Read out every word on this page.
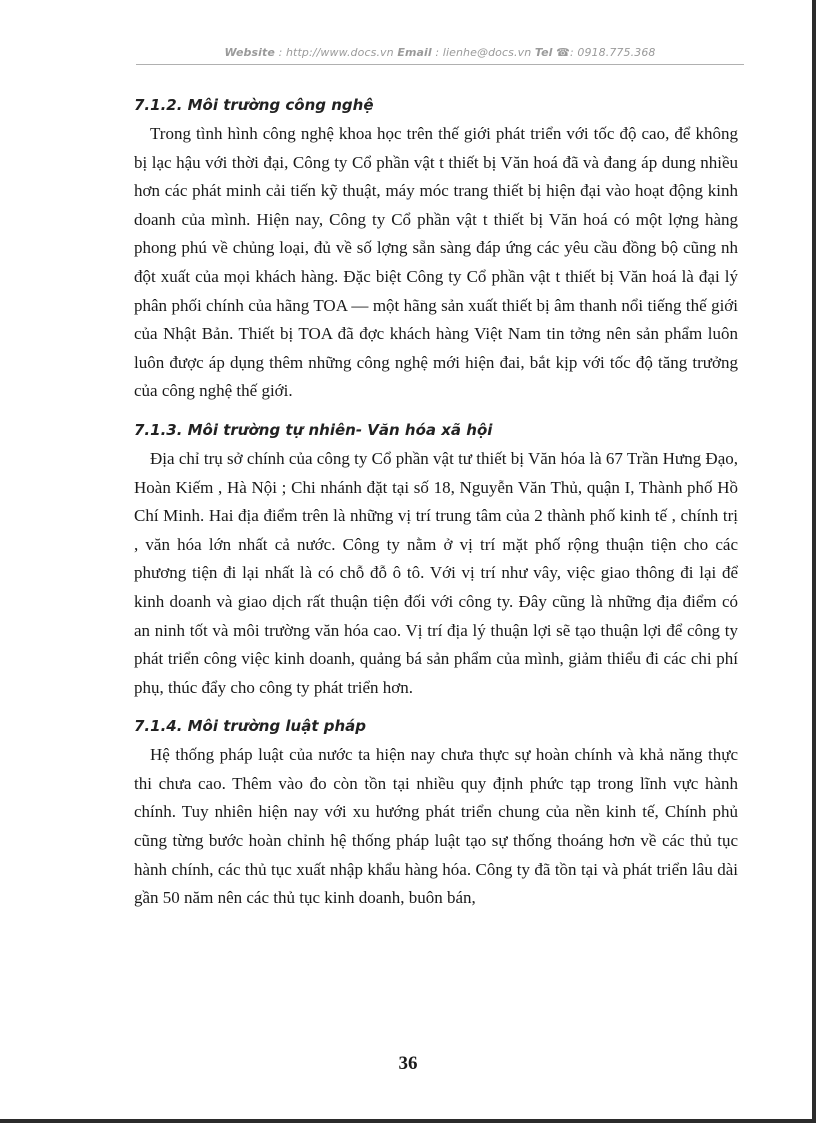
Website : http://www.docs.vn Email : lienhe@docs.vn Tel ☎: 0918.775.368
7.1.2. Môi trường công nghệ

Trong tình hình công nghệ khoa học trên thế giới phát triển với tốc độ cao, để không bị lạc hậu với thời đại, Công ty Cổ phần vật t thiết bị Văn hoá đã và đang áp dung nhiều hơn các phát minh cải tiến kỹ thuật, máy móc trang thiết bị hiện đại vào hoạt động kinh doanh của mình. Hiện nay, Công ty Cổ phần vật t thiết bị Văn hoá có một lợng hàng phong phú về chủng loại, đủ về số lợng sẵn sàng đáp ứng các yêu cầu đồng bộ cũng nh đột xuất của mọi khách hàng. Đặc biệt Công ty Cổ phần vật t thiết bị Văn hoá là đại lý phân phối chính của hãng TOA — một hãng sản xuất thiết bị âm thanh nổi tiếng thế giới của Nhật Bản. Thiết bị TOA đã đợc khách hàng Việt Nam tin tởng nên sản phẩm luôn luôn được áp dụng thêm những công nghệ mới hiện đai, bắt kịp với tốc độ tăng trưởng của công nghệ thế giới.

7.1.3. Môi trường tự nhiên- Văn hóa xã hội

Địa chỉ trụ sở chính của công ty Cổ phần vật tư thiết bị Văn hóa là 67 Trần Hưng Đạo, Hoàn Kiếm , Hà Nội ; Chi nhánh đặt tại số 18, Nguyễn Văn Thủ, quận I, Thành phố Hồ Chí Minh. Hai địa điểm trên là những vị trí trung tâm của 2 thành phố kinh tế , chính trị , văn hóa lớn nhất cả nước. Công ty nằm ở vị trí mặt phố rộng thuận tiện cho các phương tiện đi lại nhất là có chỗ đỗ ô tô. Với vị trí như vây, việc giao thông đi lại để kinh doanh và giao dịch rất thuận tiện đối với công ty. Đây cũng là những địa điểm có an ninh tốt và môi trường văn hóa cao. Vị trí địa lý thuận lợi sẽ tạo thuận lợi để công ty phát triển công việc kinh doanh, quảng bá sản phẩm của mình, giảm thiểu đi các chi phí phụ, thúc đẩy cho công ty phát triển hơn.

7.1.4. Môi trường luật pháp

Hệ thống pháp luật của nước ta hiện nay chưa thực sự hoàn chính và khả năng thực thi chưa cao. Thêm vào đo còn tồn tại nhiều quy định phức tạp trong lĩnh vực hành chính. Tuy nhiên hiện nay với xu hướng phát triển chung của nền kinh tế, Chính phủ cũng từng bước hoàn chỉnh hệ thống pháp luật tạo sự thống thoáng hơn về các thủ tục hành chính, các thủ tục xuất nhập khẩu hàng hóa. Công ty đã tồn tại và phát triển lâu dài gần 50 năm nên các thủ tục kinh doanh, buôn bán,

36
